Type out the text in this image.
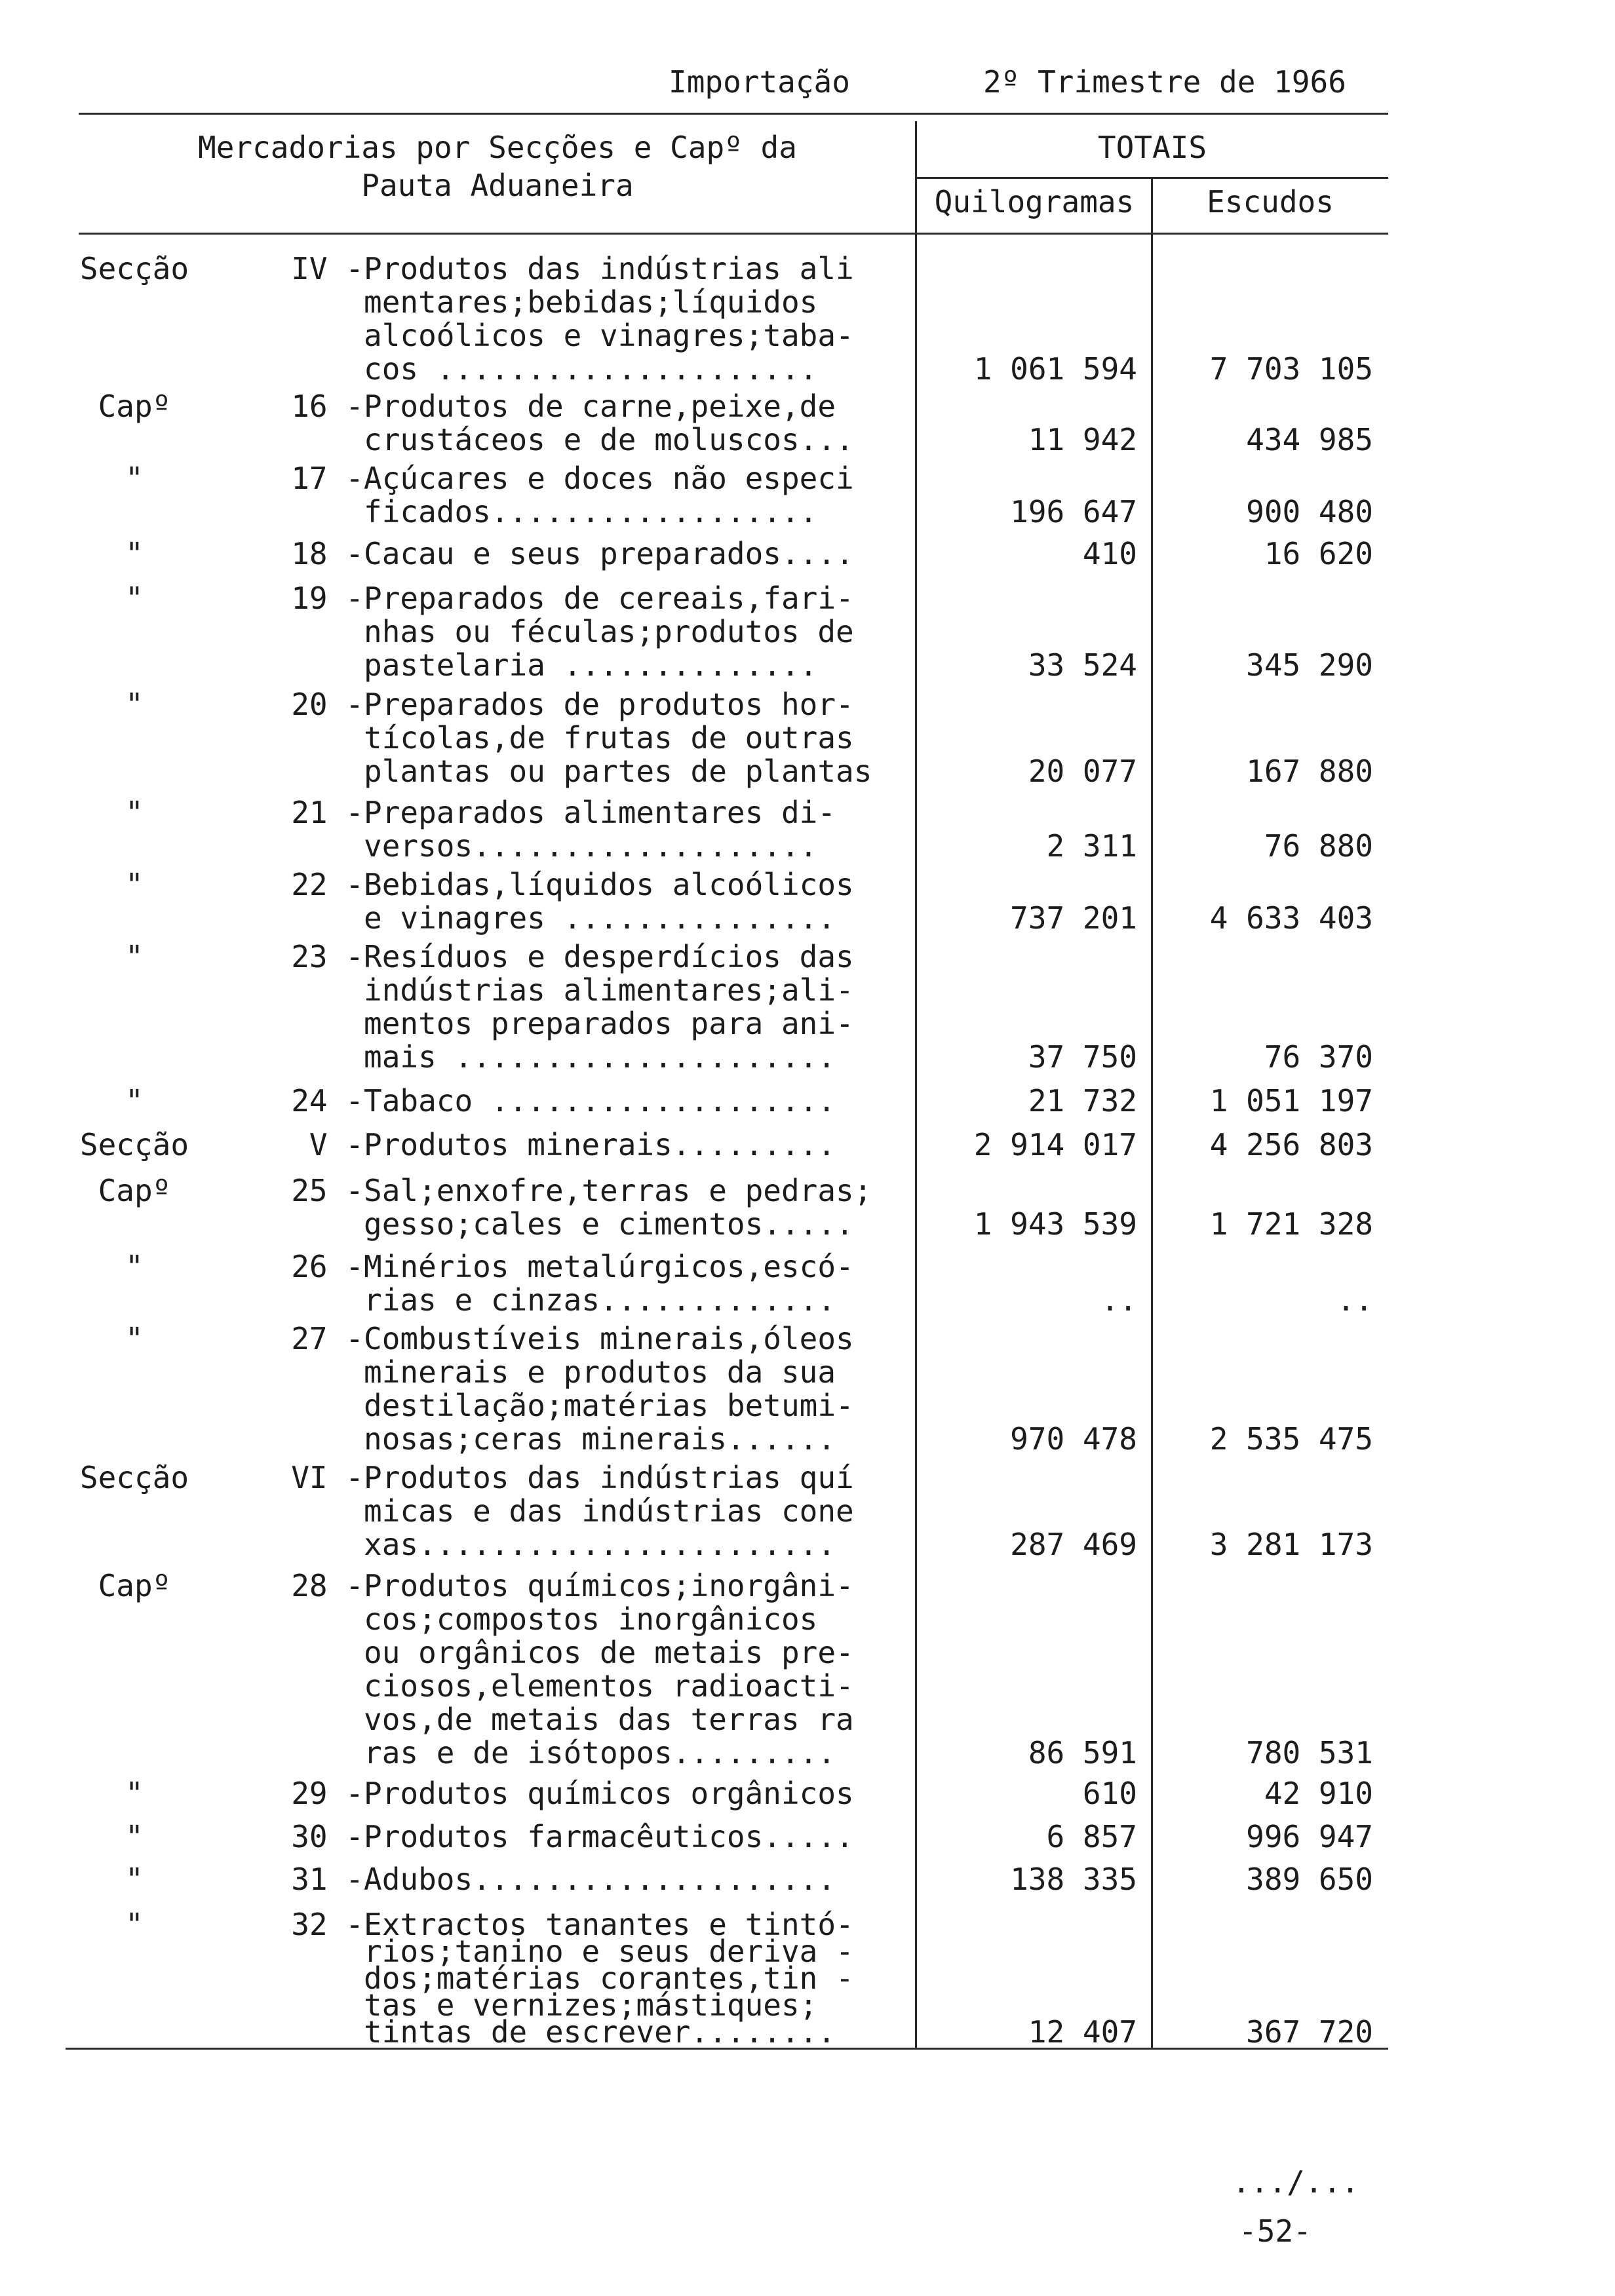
Importação	2º Trimestre de 1966
Mercadorias por Secções e Capº da
Pauta Aduaneira
TOTAIS
Quilogramas	Escudos
Secção	IV - Produtos das indústrias ali
mentares;bebidas;líquidos
alcoólicos e vinagres;taba-
cos .....................	1 061 594	7 703 105
Capº	16 - Produtos de carne,peixe,de
crustáceos e de moluscos...	11 942	434 985
"	17 - Açúcares e doces não especi
ficados..................	196 647	900 480
"	18 - Cacau e seus preparados....	410	16 620
"	19 - Preparados de cereais,fari-
nhas ou féculas;produtos de
pastelaria ..............	33 524	345 290
"	20 - Preparados de produtos hor-
tícolas,de frutas de outras
plantas ou partes de plantas	20 077	167 880
"	21 - Preparados alimentares di-
versos...................	2 311	76 880
"	22 - Bebidas,líquidos alcoólicos
e vinagres ...............	737 201	4 633 403
"	23 - Resíduos e desperdícios das
indústrias alimentares;ali-
mentos preparados para ani-
mais .....................	37 750	76 370
"	24 - Tabaco ...................	21 732	1 051 197
Secção	V - Produtos minerais.........	2 914 017	4 256 803
Capº	25 - Sal;enxofre,terras e pedras;
gesso;cales e cimentos.....	1 943 539	1 721 328
"	26 - Minérios metalúrgicos,escó-
rias e cinzas.............	..	..
"	27 - Combustíveis minerais,óleos
minerais e produtos da sua
destilação;matérias betumi-
nosas;ceras minerais......	970 478	2 535 475
Secção	VI - Produtos das indústrias quí
micas e das indústrias cone
xas.......................	287 469	3 281 173
Capº	28 - Produtos químicos;inorgâni-
cos;compostos inorgânicos
ou orgânicos de metais pre-
ciosos,elementos radioacti-
vos,de metais das terras ra
ras e de isótopos.........	86 591	780 531
"	29 - Produtos químicos orgânicos	610	42 910
"	30 - Produtos farmacêuticos.....	6 857	996 947
"	31 - Adubos....................	138 335	389 650
"	32 - Extractos tanantes e tintó-
rios;tanino e seus deriva -
dos;matérias corantes,tin -
tas e vernizes;mástiques;
tintas de escrever........	12 407	367 720
.../...
-52-
